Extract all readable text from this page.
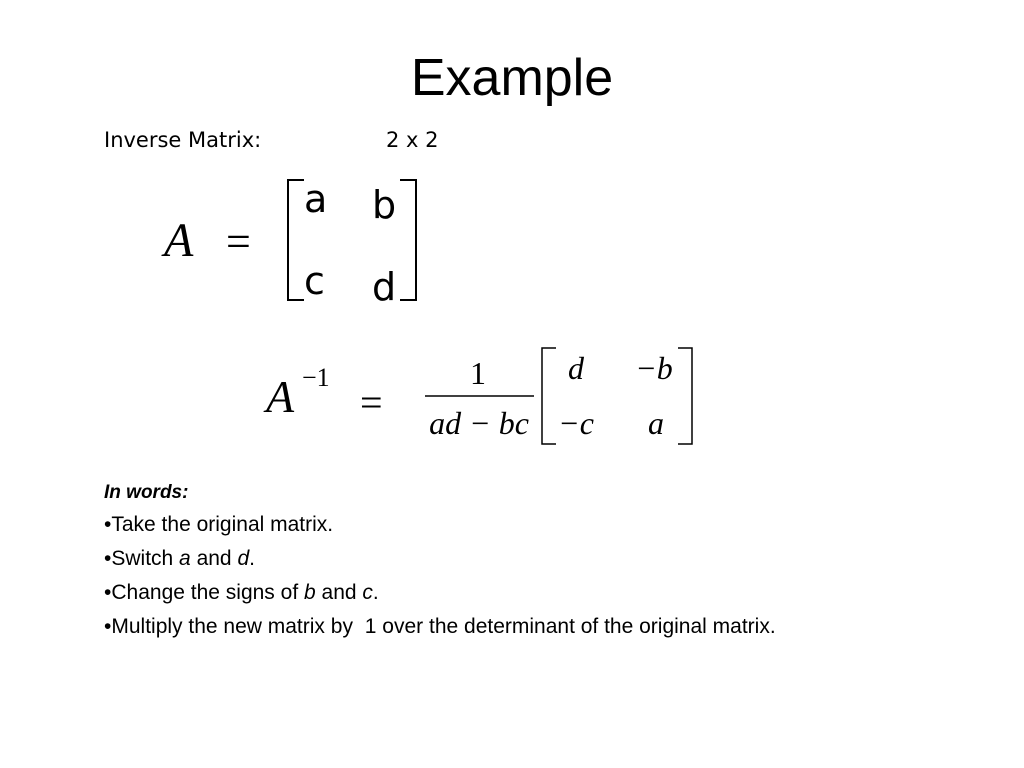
Example
Inverse Matrix:	2 x 2
A =
a b
c d
A −1
=
1
ad − bc
d −b
−c a
In words:
•Take the original matrix.
•Switch a and d.
•Change the signs of b and c.
•Multiply the new matrix by 1 over the determinant of the original matrix.
